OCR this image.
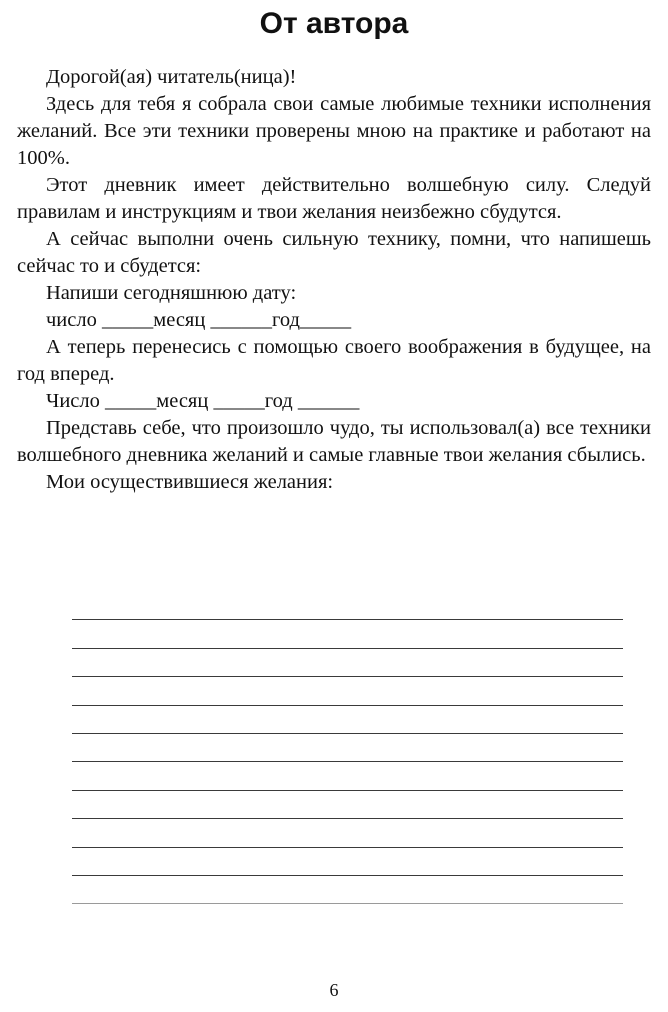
От автора

Дорогой(ая) читатель(ница)!

Здесь для тебя я собрала свои самые любимые техники исполнения желаний. Все эти техники проверены мною на практике и работают на 100%.

Этот дневник имеет действительно волшебную силу. Следуй правилам и инструкциям и твои желания неизбежно сбудутся.

А сейчас выполни очень сильную технику, помни, что напишешь сейчас то и сбудется:

Напиши сегодняшнюю дату:

число _____месяц ______год_____

А теперь перенесись с помощью своего воображения в будущее, на год вперед.

Число _____месяц _____год ______

Представь себе, что произошло чудо, ты использовал(а) все техники волшебного дневника желаний и самые главные твои желания сбылись.

Мои осуществившиеся желания:

6
